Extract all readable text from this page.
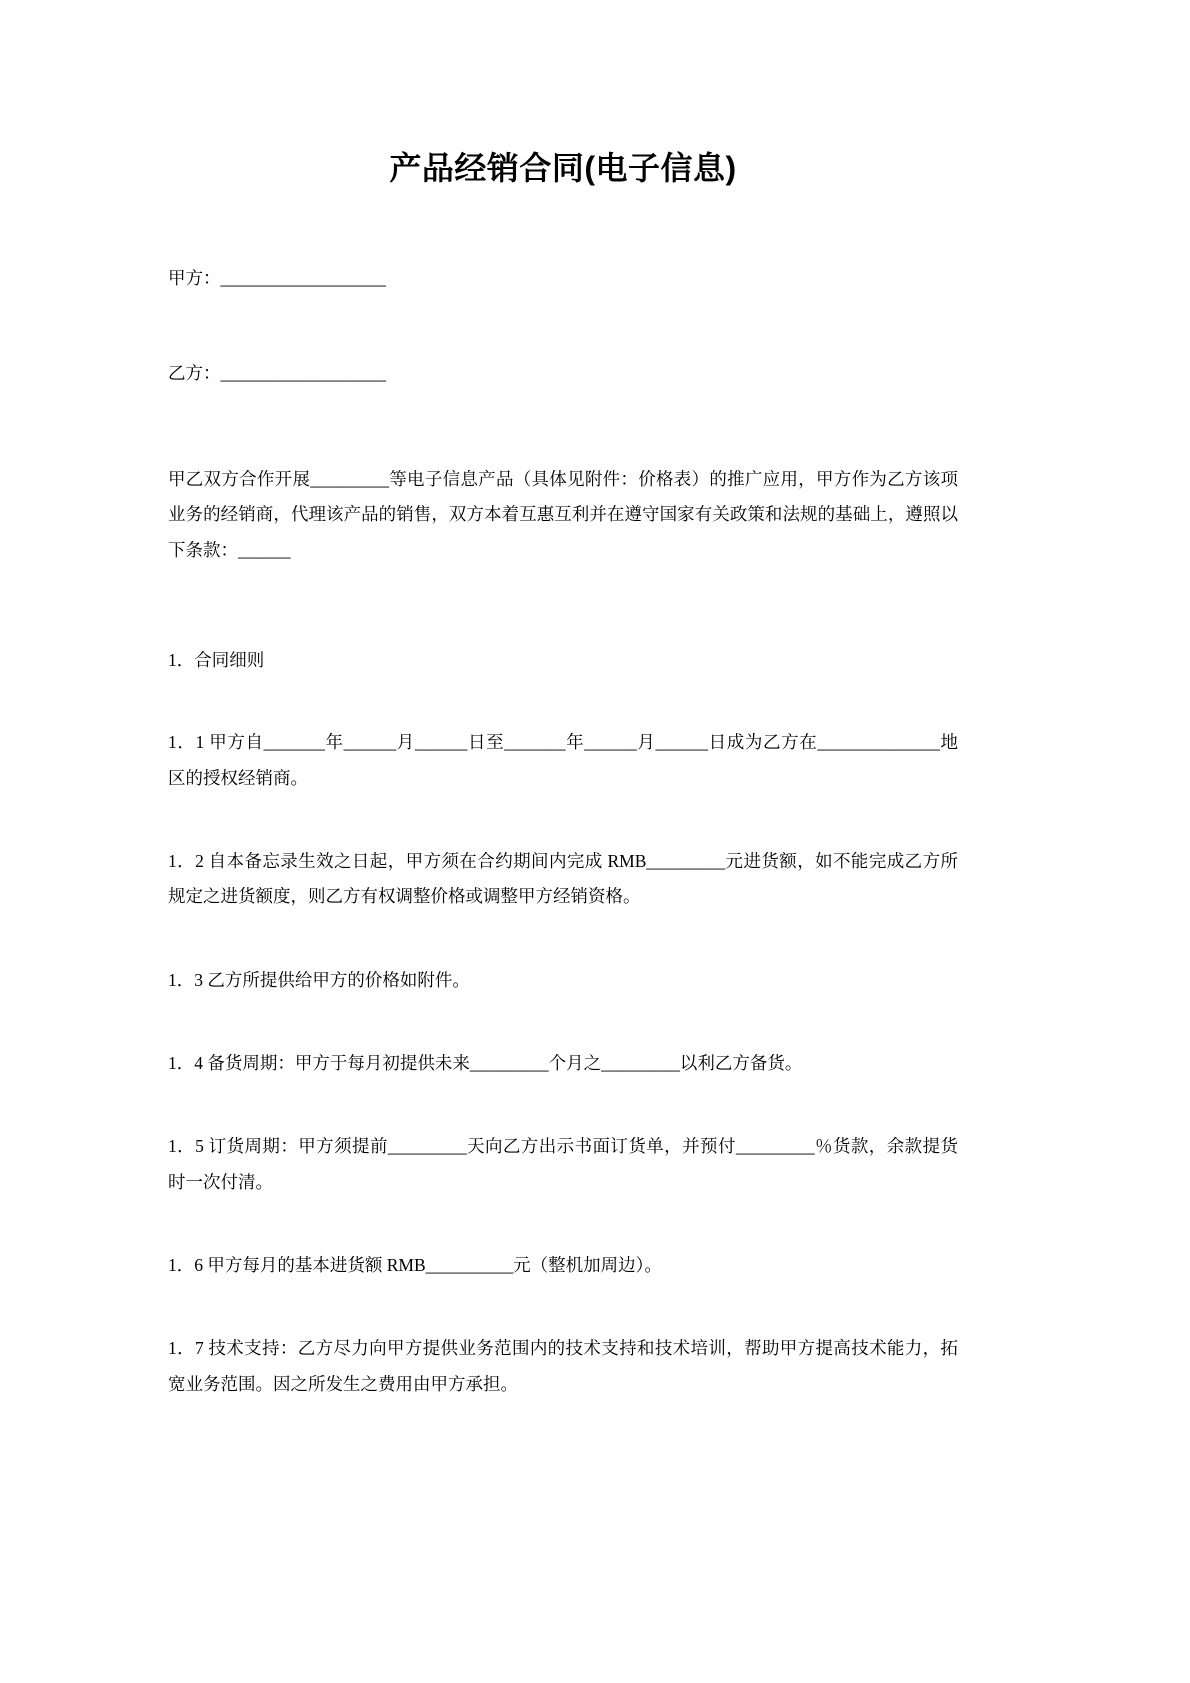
产品经销合同(电子信息)

甲方：____________________

乙方：____________________

甲乙双方合作开展_________等电子信息产品（具体见附件：价格表）的推广应用，甲方作为乙方该项业务的经销商，代理该产品的销售，双方本着互惠互利并在遵守国家有关政策和法规的基础上，遵照以下条款：______

1．合同细则

1．1 甲方自_______年______月______日至_______年______月______日成为乙方在______________地区的授权经销商。

1．2 自本备忘录生效之日起，甲方须在合约期间内完成 RMB_________元进货额，如不能完成乙方所规定之进货额度，则乙方有权调整价格或调整甲方经销资格。

1．3 乙方所提供给甲方的价格如附件。

1．4 备货周期：甲方于每月初提供未来_________个月之_________以利乙方备货。

1．5 订货周期：甲方须提前_________天向乙方出示书面订货单，并预付_________％货款，余款提货时一次付清。

1．6 甲方每月的基本进货额 RMB__________元（整机加周边）。

1．7 技术支持：乙方尽力向甲方提供业务范围内的技术支持和技术培训，帮助甲方提高技术能力，拓宽业务范围。因之所发生之费用由甲方承担。
